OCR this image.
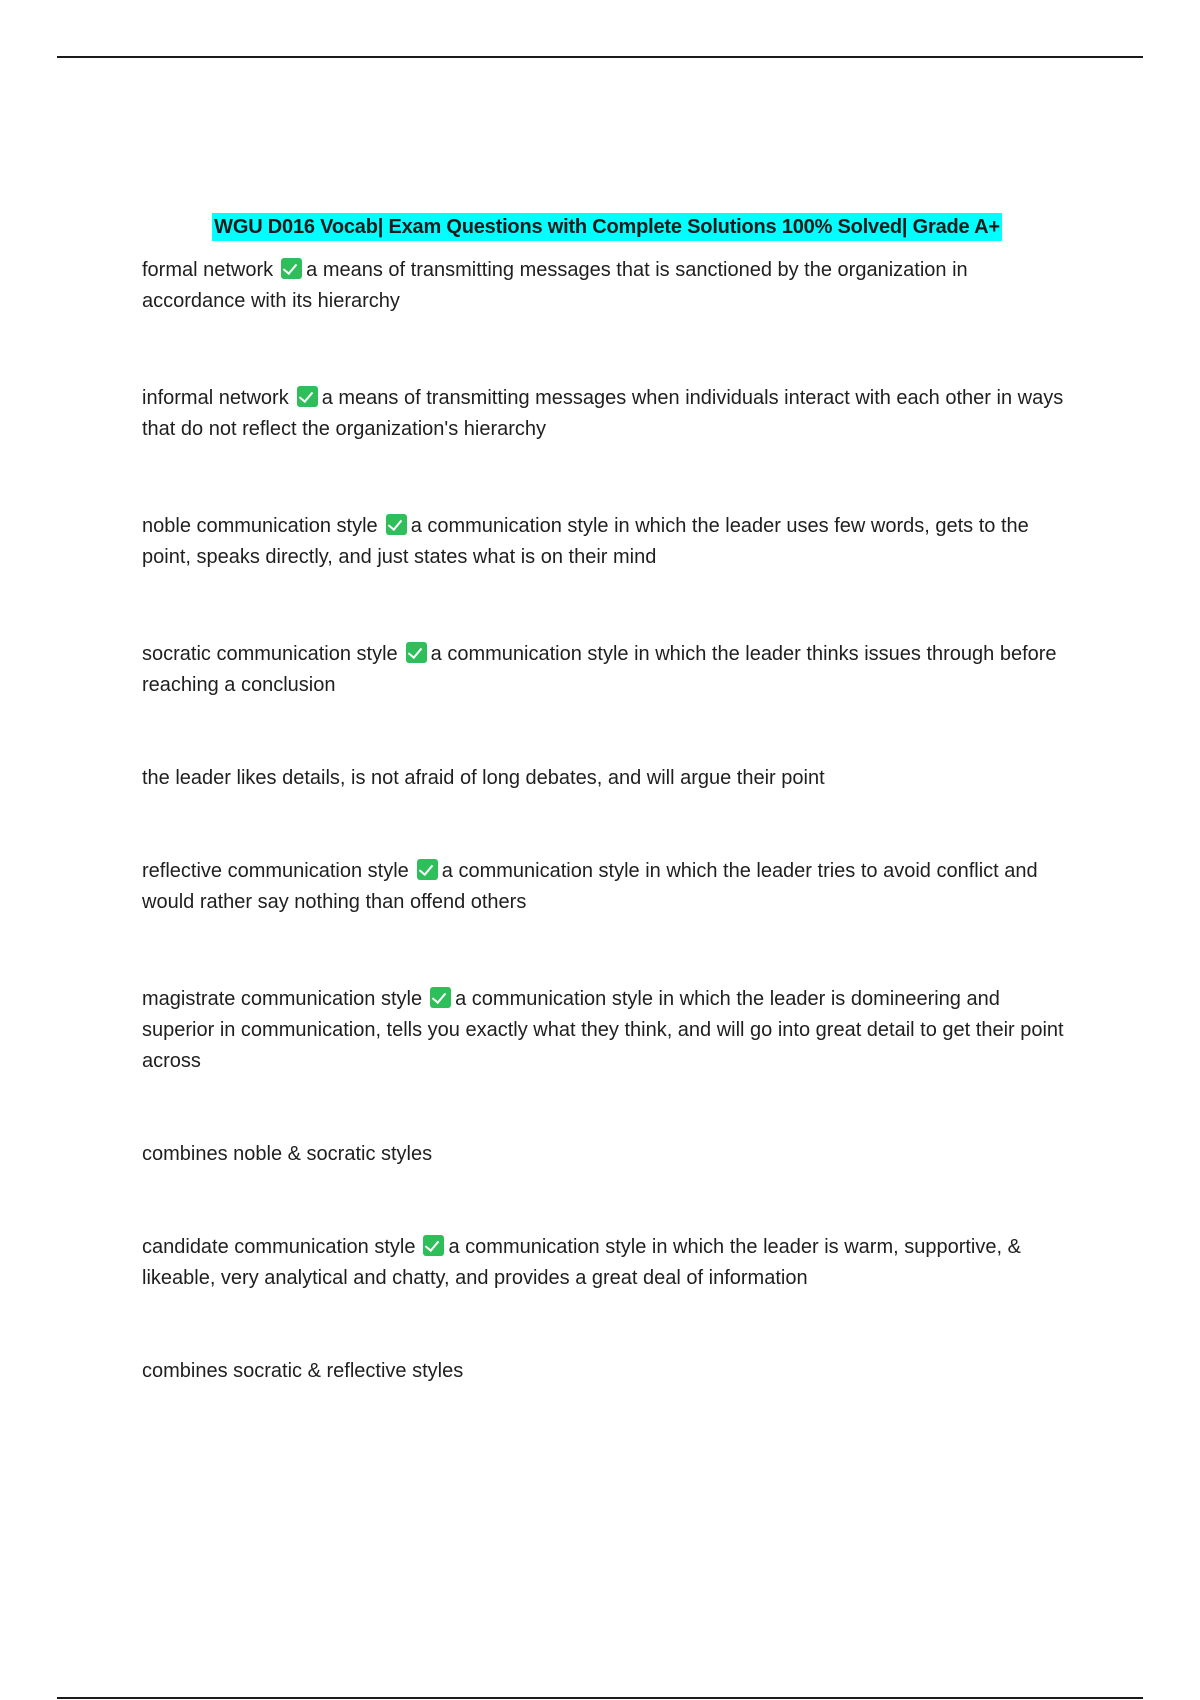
WGU D016 Vocab| Exam Questions with Complete Solutions 100% Solved| Grade A+

formal network a means of transmitting messages that is sanctioned by the organization in accordance with its hierarchy

informal network a means of transmitting messages when individuals interact with each other in ways that do not reflect the organization's hierarchy

noble communication style a communication style in which the leader uses few words, gets to the point, speaks directly, and just states what is on their mind

socratic communication style a communication style in which the leader thinks issues through before reaching a conclusion

the leader likes details, is not afraid of long debates, and will argue their point

reflective communication style a communication style in which the leader tries to avoid conflict and would rather say nothing than offend others

magistrate communication style a communication style in which the leader is domineering and superior in communication, tells you exactly what they think, and will go into great detail to get their point across

combines noble & socratic styles

candidate communication style a communication style in which the leader is warm, supportive, & likeable, very analytical and chatty, and provides a great deal of information

combines socratic & reflective styles
